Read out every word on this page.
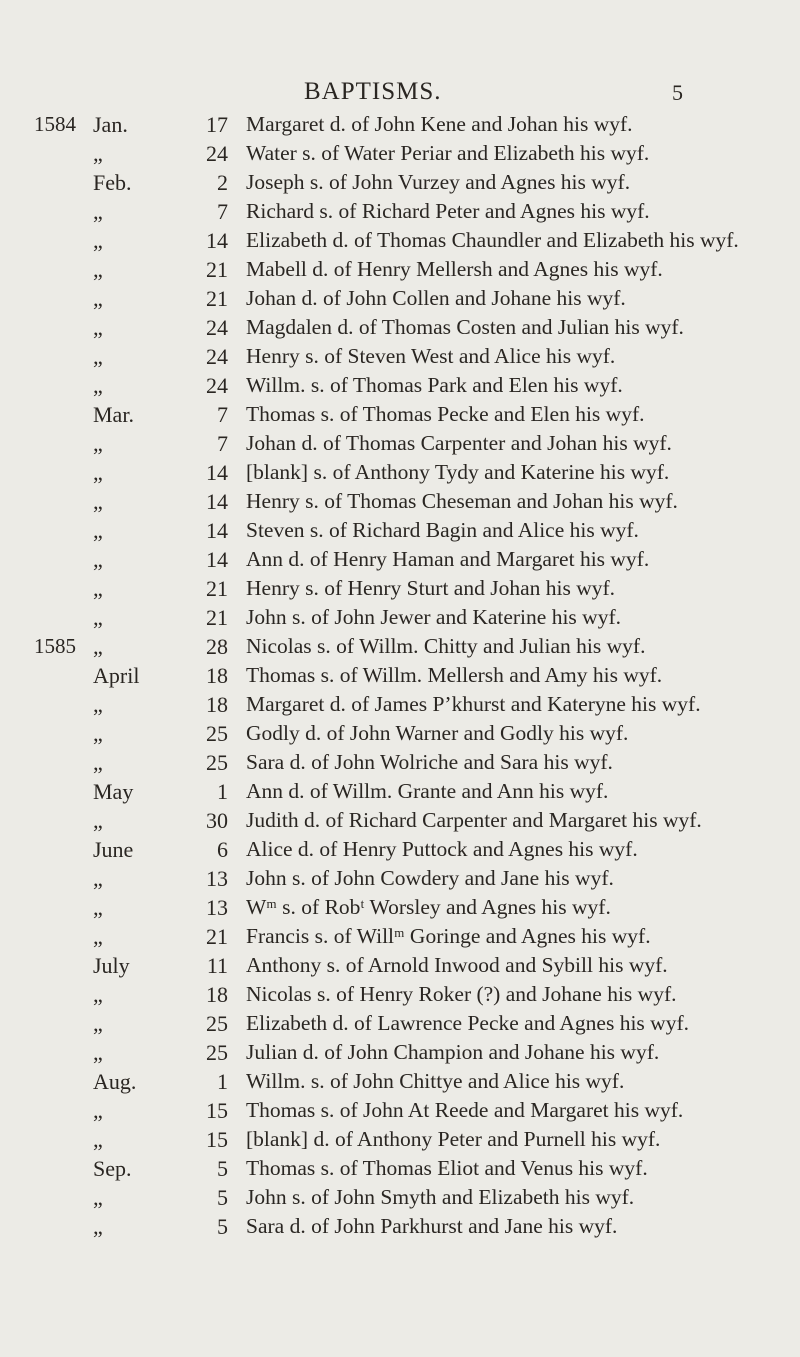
BAPTISMS.	5
1584 Jan.	17 Margaret d. of John Kene and Johan his wyf.
„	24 Water s. of Water Periar and Elizabeth his wyf.
Feb.	2 Joseph s. of John Vurzey and Agnes his wyf.
„	7 Richard s. of Richard Peter and Agnes his wyf.
„	14 Elizabeth d. of Thomas Chaundler and Elizabeth his wyf.
„	21 Mabell d. of Henry Mellersh and Agnes his wyf.
„	21 Johan d. of John Collen and Johane his wyf.
„	24 Magdalen d. of Thomas Costen and Julian his wyf.
„	24 Henry s. of Steven West and Alice his wyf.
„	24 Willm. s. of Thomas Park and Elen his wyf.
Mar.	7 Thomas s. of Thomas Pecke and Elen his wyf.
„	7 Johan d. of Thomas Carpenter and Johan his wyf.
„	14 [blank] s. of Anthony Tydy and Katerine his wyf.
„	14 Henry s. of Thomas Cheseman and Johan his wyf.
„	14 Steven s. of Richard Bagin and Alice his wyf.
„	14 Ann d. of Henry Haman and Margaret his wyf.
„	21 Henry s. of Henry Sturt and Johan his wyf.
„	21 John s. of John Jewer and Katerine his wyf.
1585 „	28 Nicolas s. of Willm. Chitty and Julian his wyf.
April	18 Thomas s. of Willm. Mellersh and Amy his wyf.
„	18 Margaret d. of James P’khurst and Kateryne his wyf.
„	25 Godly d. of John Warner and Godly his wyf.
„	25 Sara d. of John Wolriche and Sara his wyf.
May	1 Ann d. of Willm. Grante and Ann his wyf.
„	30 Judith d. of Richard Carpenter and Margaret his wyf.
June	6 Alice d. of Henry Puttock and Agnes his wyf.
„	13 John s. of John Cowdery and Jane his wyf.
„	13 Wᵐ s. of Robᵗ Worsley and Agnes his wyf.
„	21 Francis s. of Willᵐ Goringe and Agnes his wyf.
July	11 Anthony s. of Arnold Inwood and Sybill his wyf.
„	18 Nicolas s. of Henry Roker (?) and Johane his wyf.
„	25 Elizabeth d. of Lawrence Pecke and Agnes his wyf.
„	25 Julian d. of John Champion and Johane his wyf.
Aug.	1 Willm. s. of John Chittye and Alice his wyf.
„	15 Thomas s. of John At Reede and Margaret his wyf.
„	15 [blank] d. of Anthony Peter and Purnell his wyf.
Sep.	5 Thomas s. of Thomas Eliot and Venus his wyf.
„	5 John s. of John Smyth and Elizabeth his wyf.
„	5 Sara d. of John Parkhurst and Jane his wyf.
